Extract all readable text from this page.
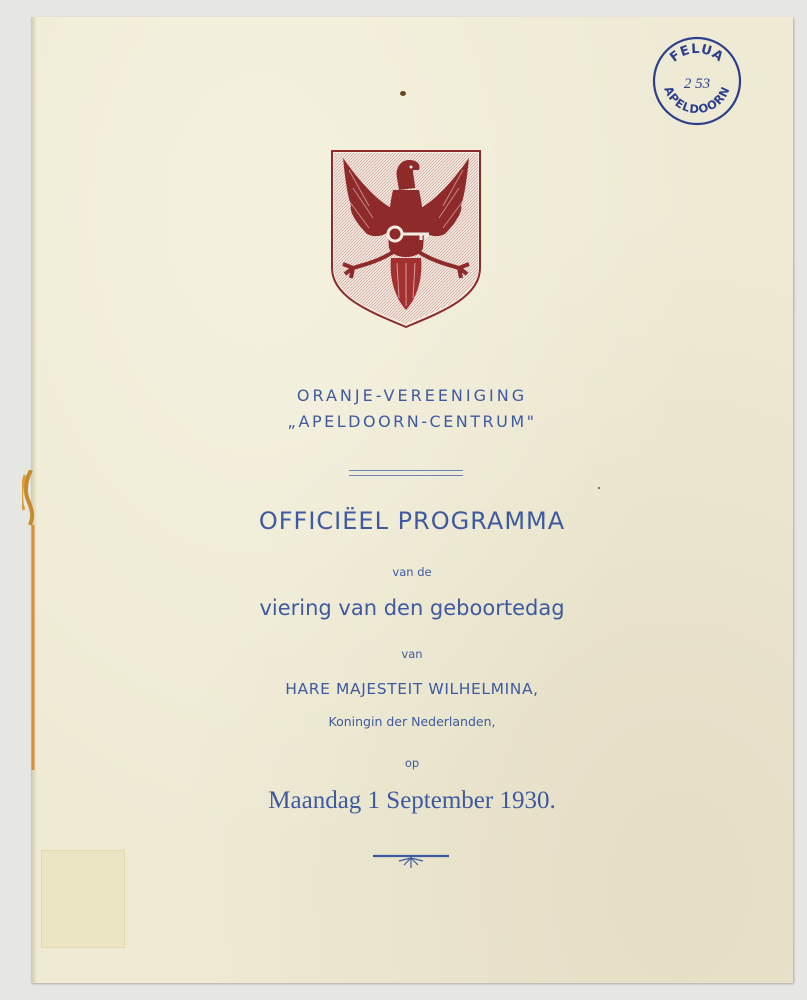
FELUA
2 53
APELDOORN
ORANJE-VEREENIGING
„APELDOORN-CENTRUM"
OFFICIËEL PROGRAMMA
van de
viering van den geboortedag
van
HARE MAJESTEIT WILHELMINA,
Koningin der Nederlanden,
op
Maandag 1 September 1930.
